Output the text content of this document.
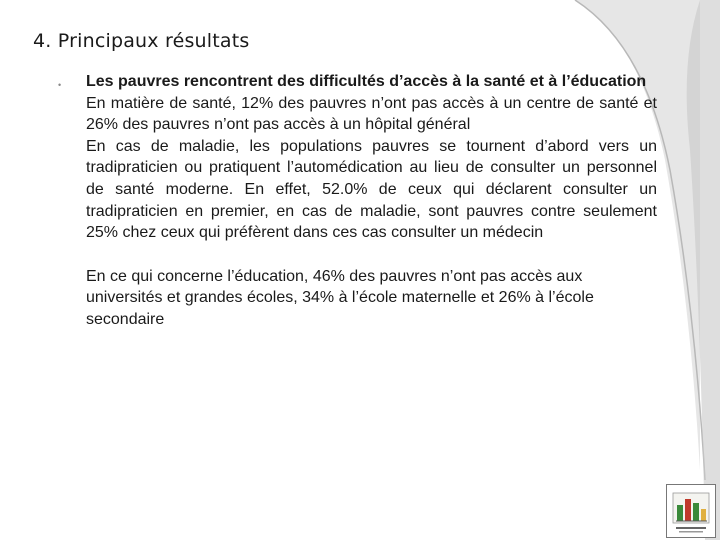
4. Principaux résultats
• Les pauvres rencontrent des difficultés d’accès à la santé et à l’éducation

En matière de santé, 12% des pauvres n’ont pas accès à un centre de santé et 26% des pauvres n’ont pas accès à un hôpital général

En cas de maladie, les populations pauvres se tournent d’abord vers un tradipraticien ou pratiquent l’automédication au lieu de consulter un personnel de santé moderne. En effet, 52.0% de ceux qui déclarent consulter un tradipraticien en premier, en cas de maladie, sont pauvres contre seulement 25% chez ceux qui préfèrent dans ces cas consulter un médecin

En ce qui concerne l’éducation, 46% des pauvres n’ont pas accès aux universités et grandes écoles, 34% à l’école maternelle et 26% à l’école secondaire
